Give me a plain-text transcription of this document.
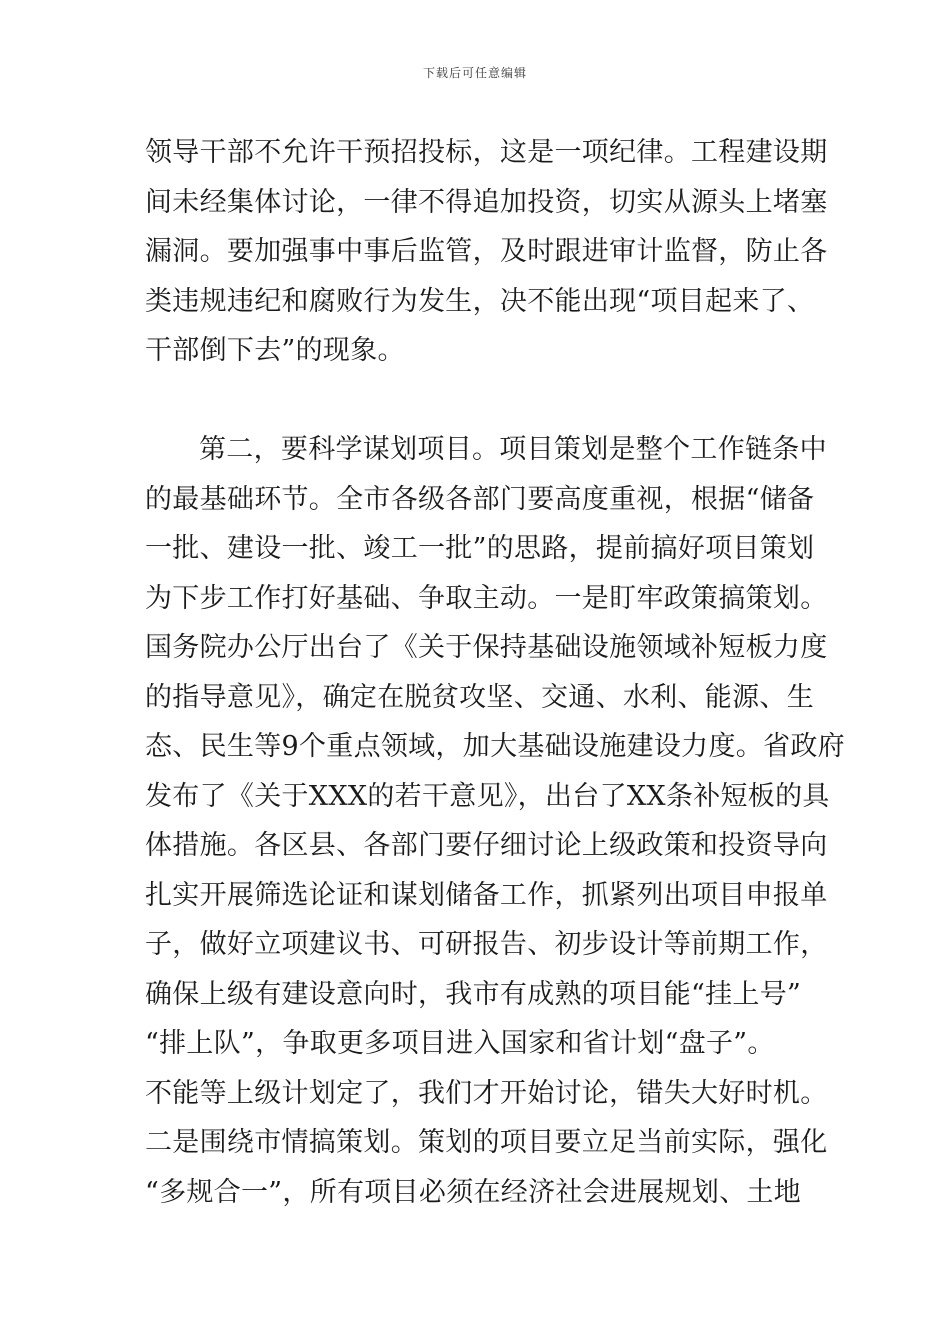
下载后可任意编辑
领导干部不允许干预招投标，这是一项纪律。工程建设期
间未经集体讨论，一律不得追加投资，切实从源头上堵塞
漏洞。要加强事中事后监管，及时跟进审计监督，防止各
类违规违纪和腐败行为发生，决不能出现“项目起来了、
干部倒下去”的现象。
第二，要科学谋划项目。项目策划是整个工作链条中
的最基础环节。全市各级各部门要高度重视，根据“储备
一批、建设一批、竣工一批”的思路，提前搞好项目策划
为下步工作打好基础、争取主动。一是盯牢政策搞策划。
国务院办公厅出台了《关于保持基础设施领域补短板力度
的指导意见》，确定在脱贫攻坚、交通、水利、能源、生
态、民生等9个重点领域，加大基础设施建设力度。省政府
发布了《关于XXX的若干意见》，出台了XX条补短板的具
体措施。各区县、各部门要仔细讨论上级政策和投资导向
扎实开展筛选论证和谋划储备工作，抓紧列出项目申报单
子，做好立项建议书、可研报告、初步设计等前期工作，
确保上级有建设意向时，我市有成熟的项目能“挂上号”
“排上队”，争取更多项目进入国家和省计划“盘子”。
不能等上级计划定了，我们才开始讨论，错失大好时机。
二是围绕市情搞策划。策划的项目要立足当前实际，强化
“多规合一”，所有项目必须在经济社会进展规划、土地
